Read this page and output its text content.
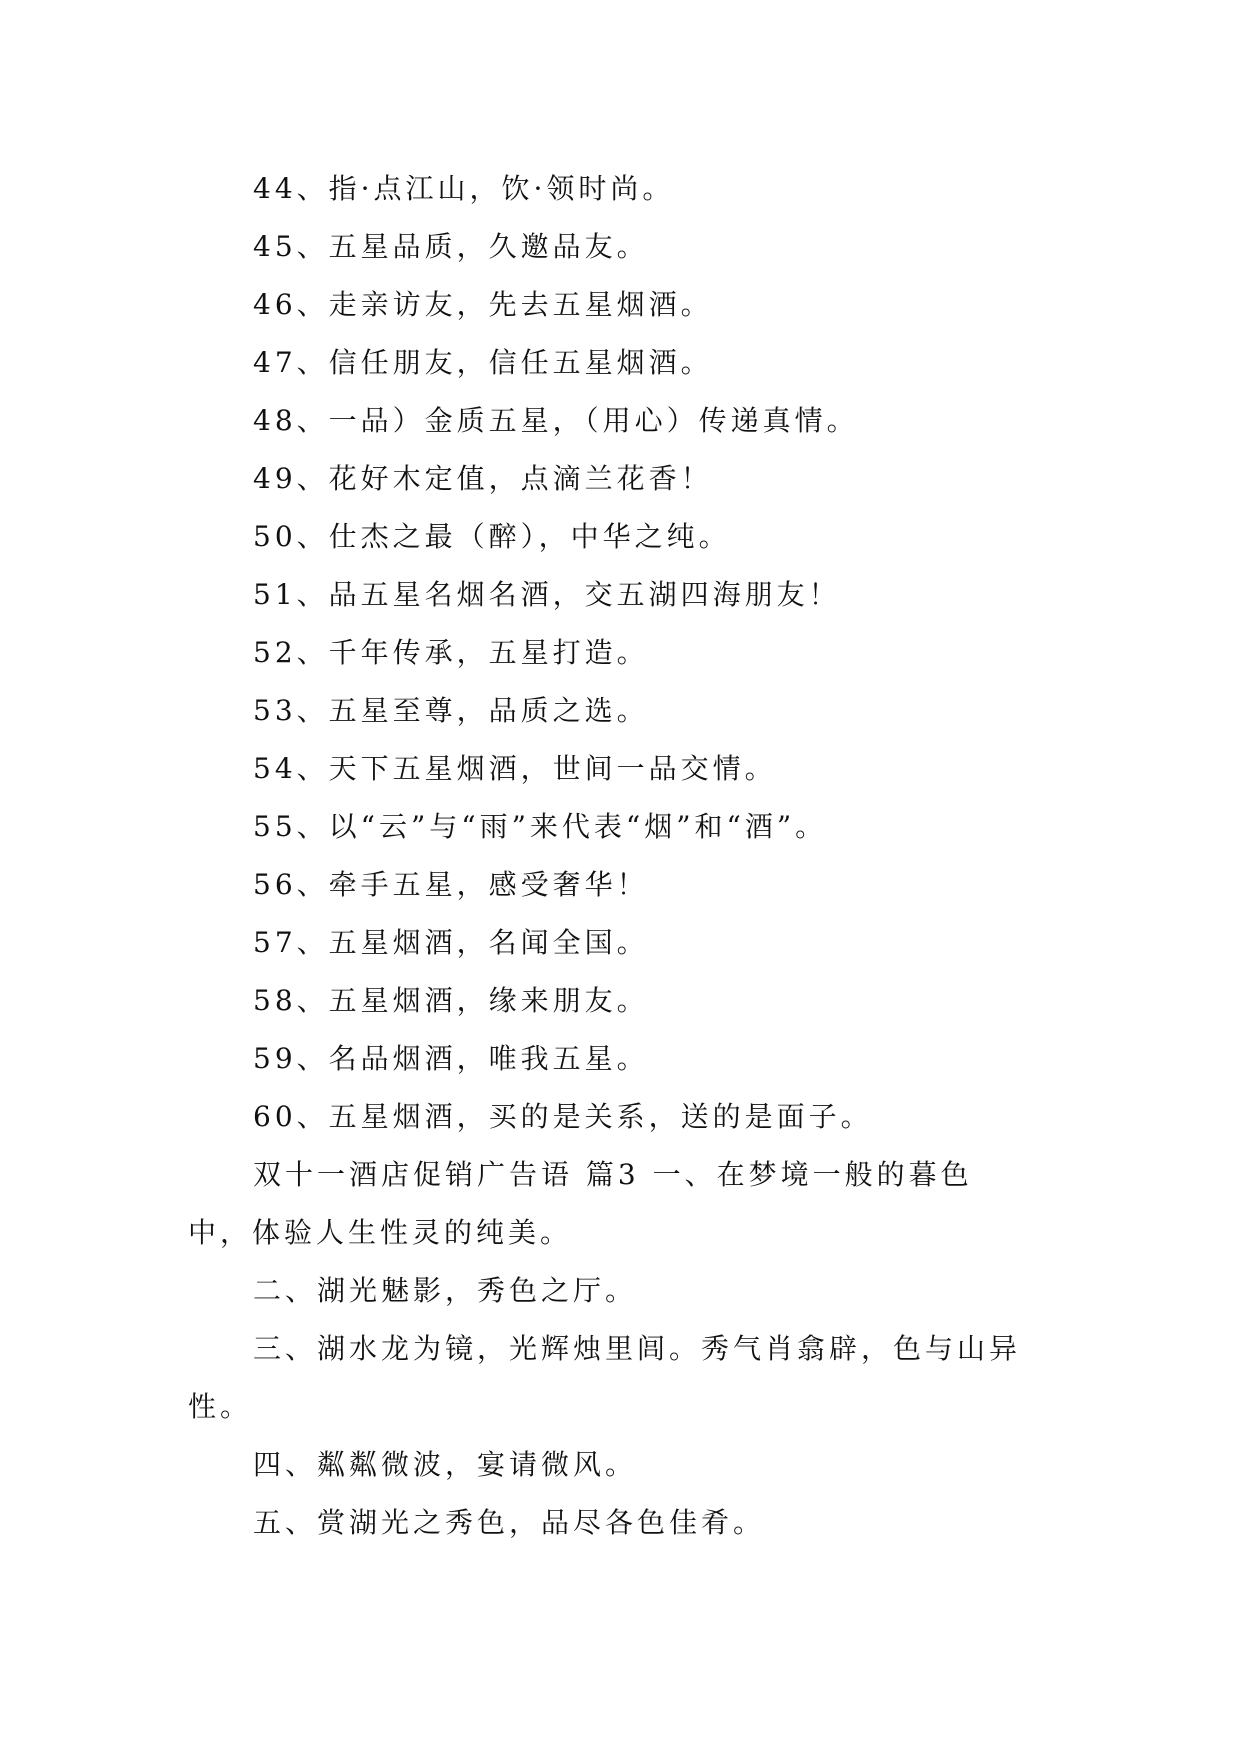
44、指·点江山，饮·领时尚。
45、五星品质，久邀品友。
46、走亲访友，先去五星烟酒。
47、信任朋友，信任五星烟酒。
48、一品）金质五星，（用心）传递真情。
49、花好木定值，点滴兰花香！
50、仕杰之最（醉），中华之纯。
51、品五星名烟名酒，交五湖四海朋友！
52、千年传承，五星打造。
53、五星至尊，品质之选。
54、天下五星烟酒，世间一品交情。
55、以“云”与“雨”来代表“烟”和“酒”。
56、牵手五星，感受奢华！
57、五星烟酒，名闻全国。
58、五星烟酒，缘来朋友。
59、名品烟酒，唯我五星。
60、五星烟酒，买的是关系，送的是面子。
双十一酒店促销广告语 篇3 一、在梦境一般的暮色
中，体验人生性灵的纯美。
二、湖光魅影，秀色之厅。
三、湖水龙为镜，光辉烛里闾。秀气肖翕辟，色与山异
性。
四、粼粼微波，宴请微风。
五、赏湖光之秀色，品尽各色佳肴。
